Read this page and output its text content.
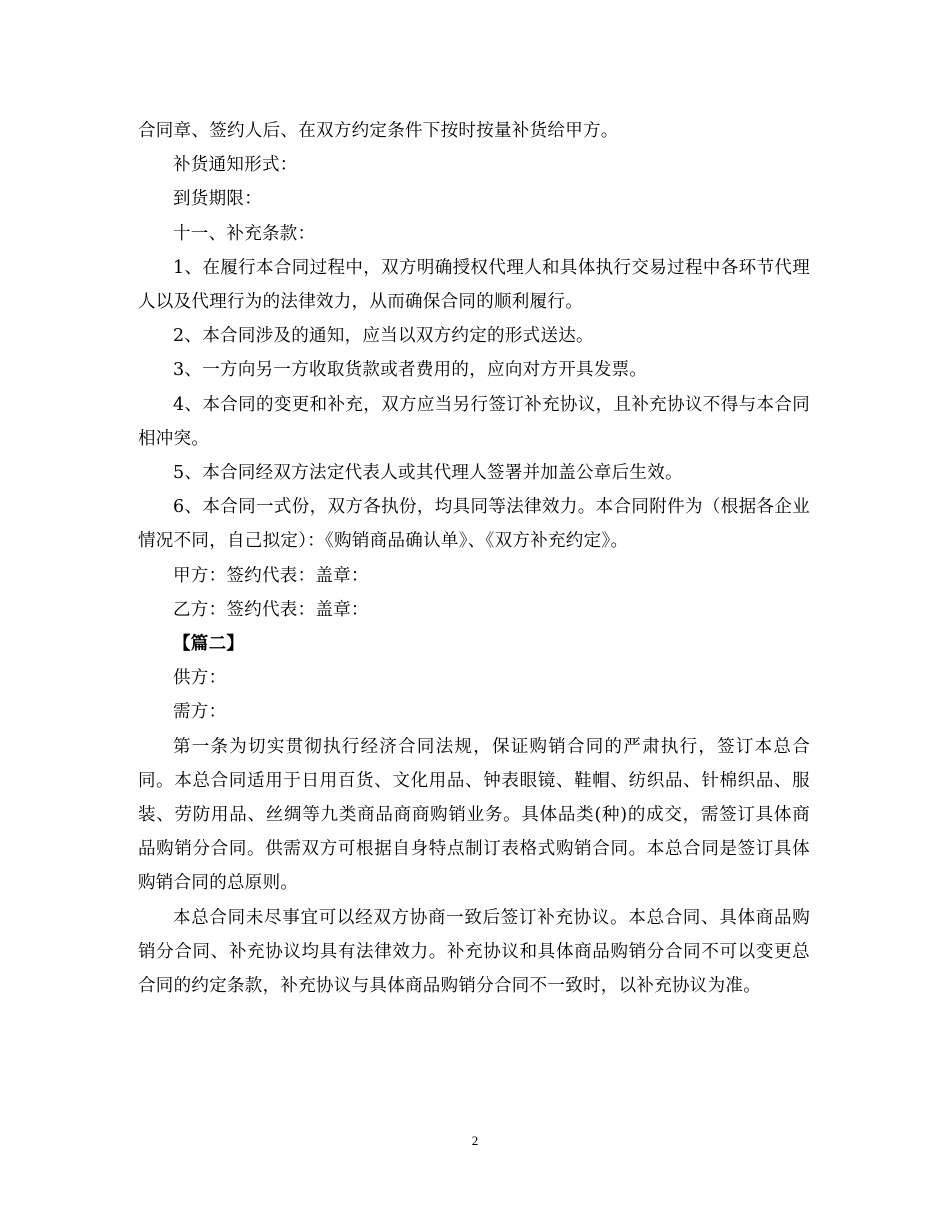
合同章、签约人后、在双方约定条件下按时按量补货给甲方。

补货通知形式：

到货期限：

十一、补充条款：

1、在履行本合同过程中，双方明确授权代理人和具体执行交易过程中各环节代理人以及代理行为的法律效力，从而确保合同的顺利履行。

2、本合同涉及的通知，应当以双方约定的形式送达。

3、一方向另一方收取货款或者费用的，应向对方开具发票。

4、本合同的变更和补充，双方应当另行签订补充协议，且补充协议不得与本合同相冲突。

5、本合同经双方法定代表人或其代理人签署并加盖公章后生效。

6、本合同一式份，双方各执份，均具同等法律效力。本合同附件为（根据各企业情况不同，自己拟定）：《购销商品确认单》、《双方补充约定》。

甲方：签约代表：盖章：

乙方：签约代表：盖章：

【篇二】

供方：

需方：

第一条为切实贯彻执行经济合同法规，保证购销合同的严肃执行，签订本总合同。本总合同适用于日用百货、文化用品、钟表眼镜、鞋帽、纺织品、针棉织品、服装、劳防用品、丝绸等九类商品商商购销业务。具体品类(种)的成交，需签订具体商品购销分合同。供需双方可根据自身特点制订表格式购销合同。本总合同是签订具体购销合同的总原则。

本总合同未尽事宜可以经双方协商一致后签订补充协议。本总合同、具体商品购销分合同、补充协议均具有法律效力。补充协议和具体商品购销分合同不可以变更总合同的约定条款，补充协议与具体商品购销分合同不一致时，以补充协议为准。

2
